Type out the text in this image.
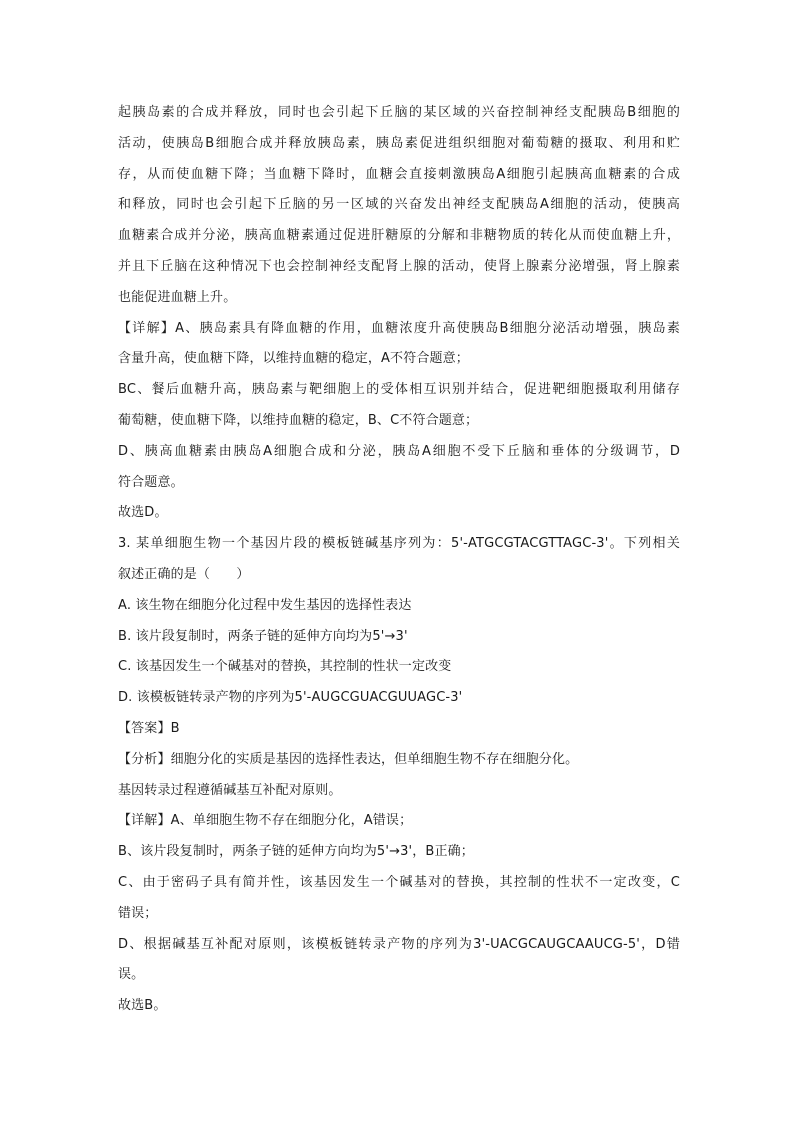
起胰岛素的合成并释放，同时也会引起下丘脑的某区域的兴奋控制神经支配胰岛B细胞的
活动，使胰岛B细胞合成并释放胰岛素，胰岛素促进组织细胞对葡萄糖的摄取、利用和贮
存，从而使血糖下降；当血糖下降时，血糖会直接刺激胰岛A细胞引起胰高血糖素的合成
和释放，同时也会引起下丘脑的另一区域的兴奋发出神经支配胰岛A细胞的活动，使胰高
血糖素合成并分泌，胰高血糖素通过促进肝糖原的分解和非糖物质的转化从而使血糖上升，
并且下丘脑在这种情况下也会控制神经支配肾上腺的活动，使肾上腺素分泌增强，肾上腺素
也能促进血糖上升。
【详解】A、胰岛素具有降血糖的作用，血糖浓度升高使胰岛B细胞分泌活动增强，胰岛素
含量升高，使血糖下降，以维持血糖的稳定，A不符合题意；
BC、餐后血糖升高，胰岛素与靶细胞上的受体相互识别并结合，促进靶细胞摄取利用储存
葡萄糖，使血糖下降，以维持血糖的稳定，B、C不符合题意；
D、胰高血糖素由胰岛A细胞合成和分泌，胰岛A细胞不受下丘脑和垂体的分级调节，D
符合题意。
故选D。
3. 某单细胞生物一个基因片段的模板链碱基序列为：5'-ATGCGTACGTTAGC-3'。下列相关
叙述正确的是（　　）
A. 该生物在细胞分化过程中发生基因的选择性表达
B. 该片段复制时，两条子链的延伸方向均为5'→3'
C. 该基因发生一个碱基对的替换，其控制的性状一定改变
D. 该模板链转录产物的序列为5'-AUGCGUACGUUAGC-3'
【答案】B
【分析】细胞分化的实质是基因的选择性表达，但单细胞生物不存在细胞分化。
基因转录过程遵循碱基互补配对原则。
【详解】A、单细胞生物不存在细胞分化，A错误；
B、该片段复制时，两条子链的延伸方向均为5'→3'，B正确；
C、由于密码子具有简并性，该基因发生一个碱基对的替换，其控制的性状不一定改变，C
错误；
D、根据碱基互补配对原则，该模板链转录产物的序列为3'-UACGCAUGCAAUCG-5'，D错
误。
故选B。
